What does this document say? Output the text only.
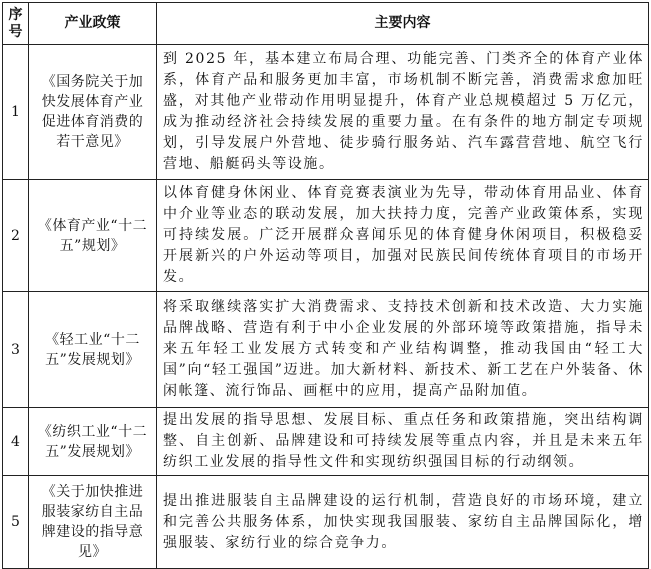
序号	产业政策	主要内容
1	《国务院关于加快发展体育产业促进体育消费的若干意见》	到 2025 年，基本建立布局合理、功能完善、门类齐全的体育产业体系，体育产品和服务更加丰富，市场机制不断完善，消费需求愈加旺盛，对其他产业带动作用明显提升，体育产业总规模超过 5 万亿元，成为推动经济社会持续发展的重要力量。在有条件的地方制定专项规划，引导发展户外营地、徒步骑行服务站、汽车露营营地、航空飞行营地、船艇码头等设施。
2	《体育产业“十二五”规划》	以体育健身休闲业、体育竞赛表演业为先导，带动体育用品业、体育中介业等业态的联动发展，加大扶持力度，完善产业政策体系，实现可持续发展。广泛开展群众喜闻乐见的体育健身休闲项目，积极稳妥开展新兴的户外运动等项目，加强对民族民间传统体育项目的市场开发。
3	《轻工业“十二五”发展规划》	将采取继续落实扩大消费需求、支持技术创新和技术改造、大力实施品牌战略、营造有利于中小企业发展的外部环境等政策措施，指导未来五年轻工业发展方式转变和产业结构调整，推动我国由“轻工大国”向“轻工强国”迈进。加大新材料、新技术、新工艺在户外装备、休闲帐篷、流行饰品、画框中的应用，提高产品附加值。
4	《纺织工业“十二五”发展规划》	提出发展的指导思想、发展目标、重点任务和政策措施，突出结构调整、自主创新、品牌建设和可持续发展等重点内容，并且是未来五年纺织工业发展的指导性文件和实现纺织强国目标的行动纲领。
5	《关于加快推进服装家纺自主品牌建设的指导意见》	提出推进服装自主品牌建设的运行机制，营造良好的市场环境，建立和完善公共服务体系，加快实现我国服装、家纺自主品牌国际化，增强服装、家纺行业的综合竞争力。
